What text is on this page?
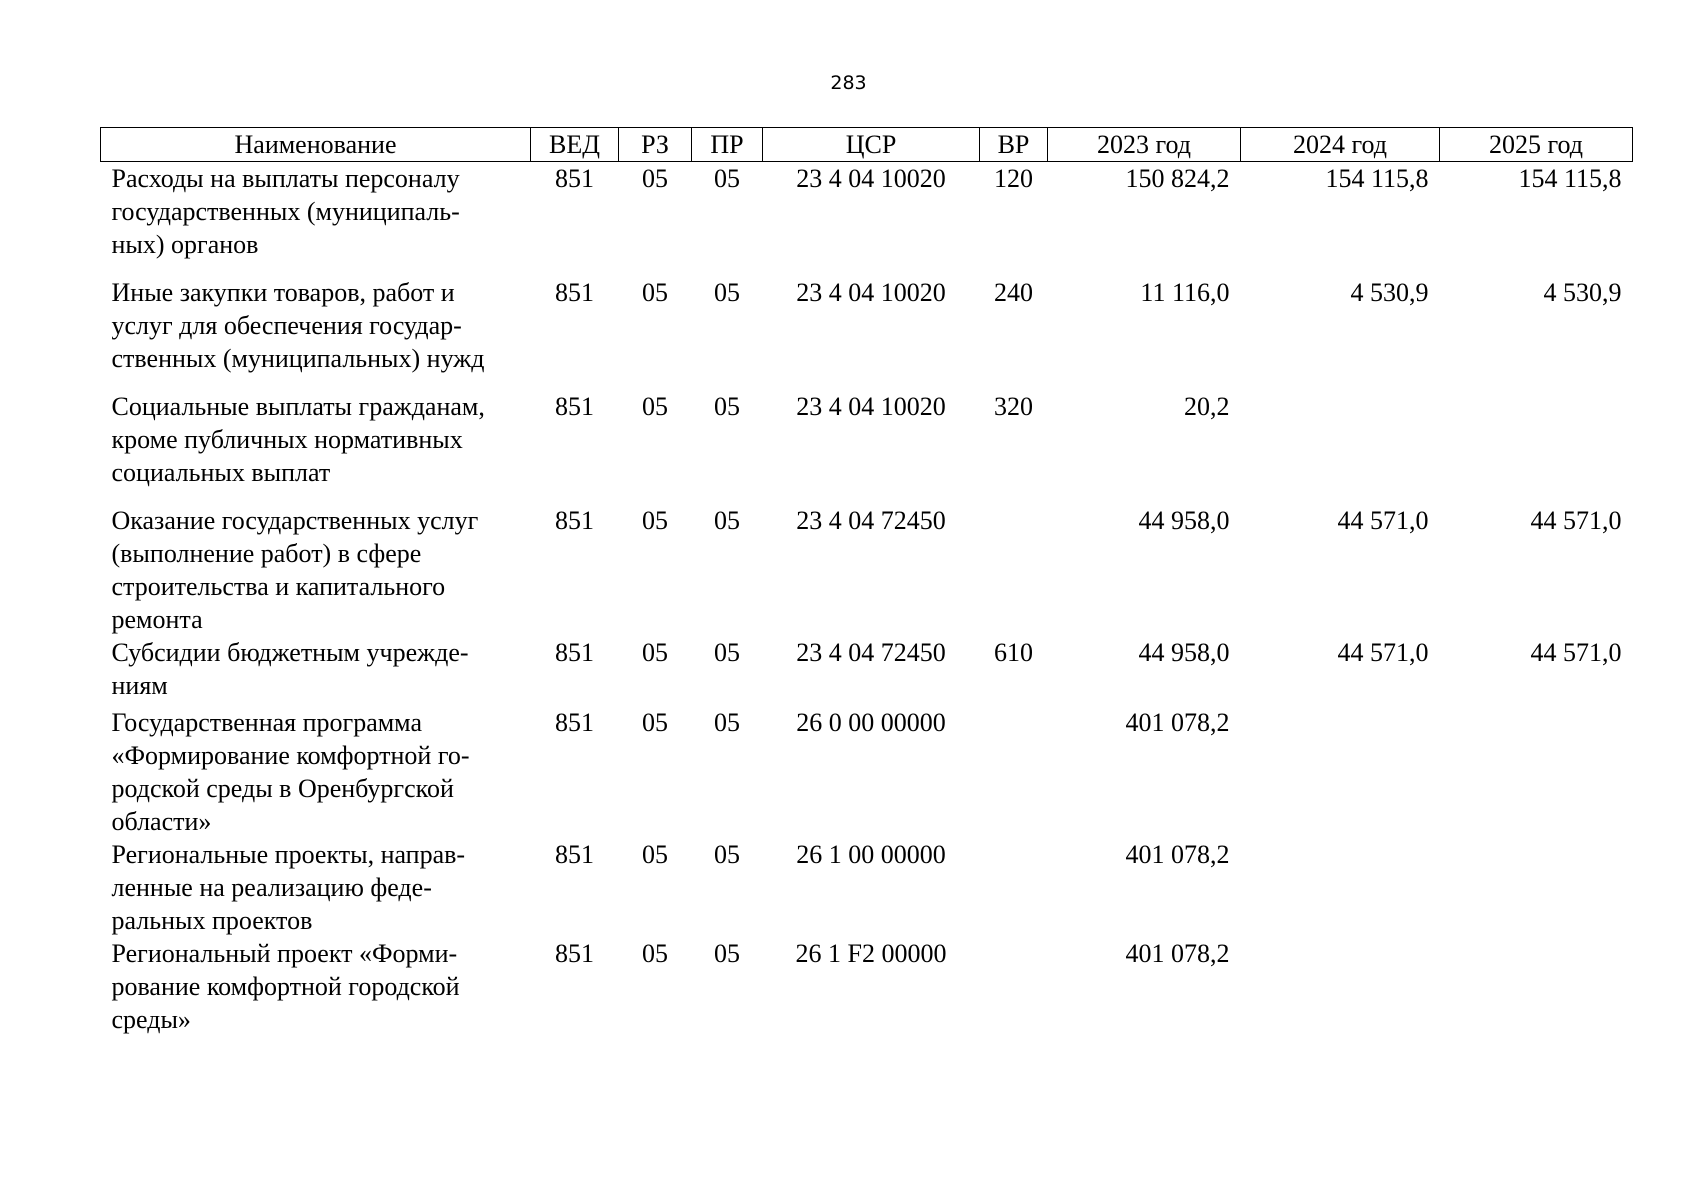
283
Наименование	ВЕД	РЗ	ПР	ЦСР	ВР	2023 год	2024 год	2025 год

Расходы на выплаты персоналу
государственных (муниципаль-
ных) органов	851	05	05	23 4 04 10020	120	150 824,2	154 115,8	154 115,8

Иные закупки товаров, работ и
услуг для обеспечения государ-
ственных (муниципальных) нужд	851	05	05	23 4 04 10020	240	11 116,0	4 530,9	4 530,9

Социальные выплаты гражданам,
кроме публичных нормативных
социальных выплат	851	05	05	23 4 04 10020	320	20,2		

Оказание государственных услуг
(выполнение работ) в сфере
строительства и капитального
ремонта	851	05	05	23 4 04 72450		44 958,0	44 571,0	44 571,0

Субсидии бюджетным учрежде-
ниям	851	05	05	23 4 04 72450	610	44 958,0	44 571,0	44 571,0

Государственная программа
«Формирование комфортной го-
родской среды в Оренбургской
области»	851	05	05	26 0 00 00000		401 078,2		

Региональные проекты, направ-
ленные на реализацию феде-
ральных проектов	851	05	05	26 1 00 00000		401 078,2		

Региональный проект «Форми-
рование комфортной городской
среды»	851	05	05	26 1 F2 00000		401 078,2		
